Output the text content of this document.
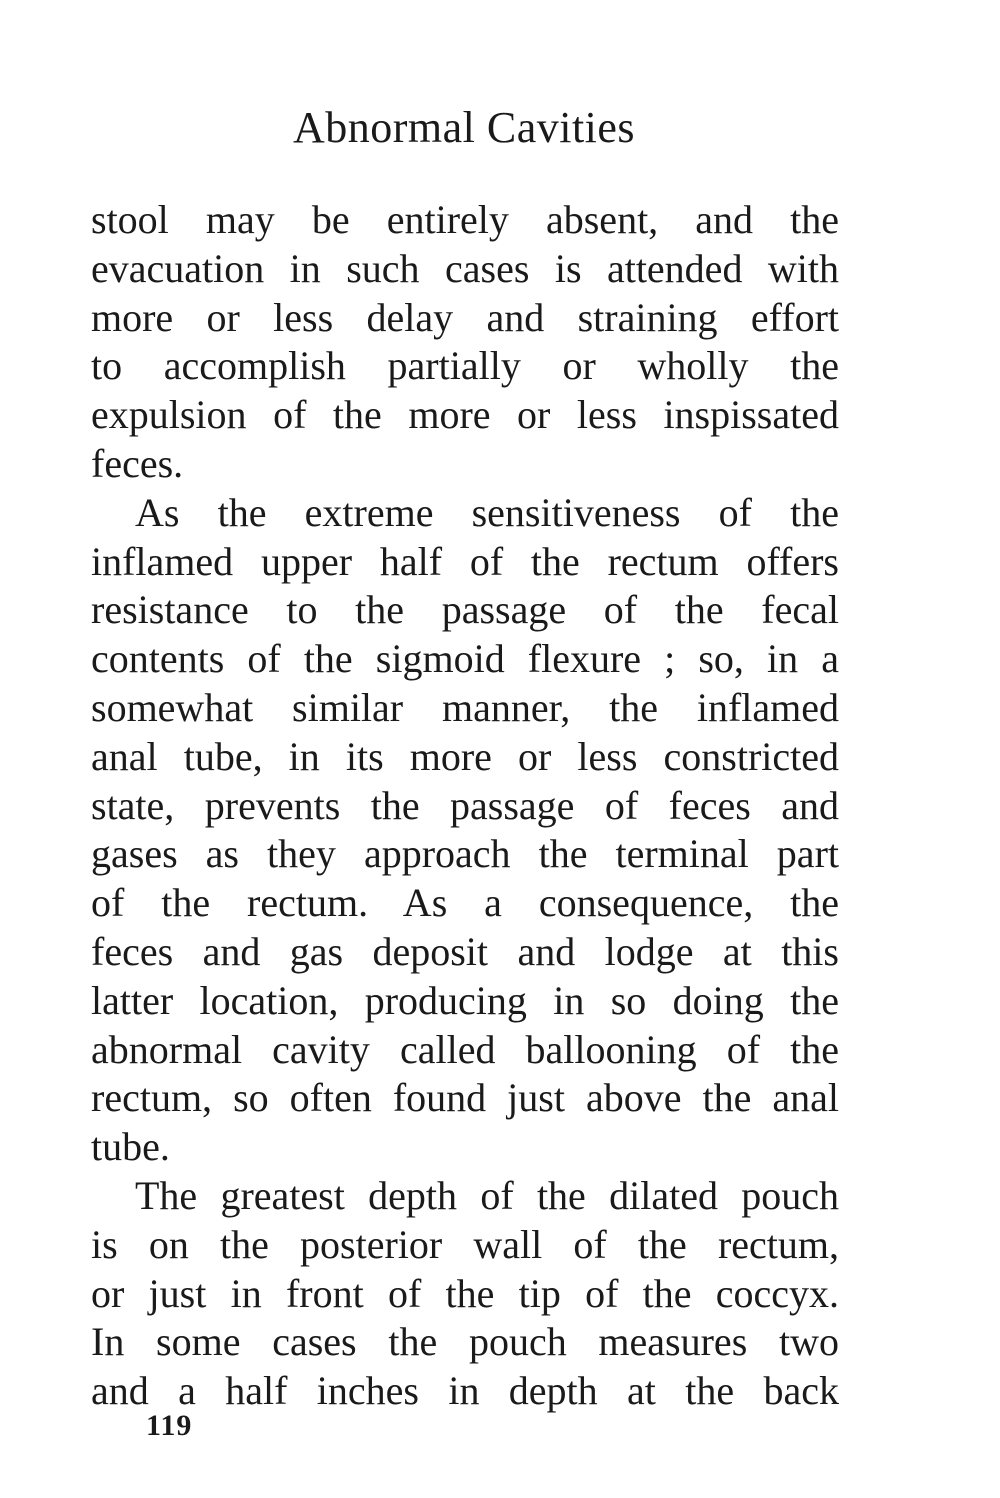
Abnormal Cavities
stool may be entirely absent, and the
evacuation in such cases is attended with
more or less delay and straining effort
to accomplish partially or wholly the
expulsion of the more or less inspissated
feces.
As the extreme sensitiveness of the
inflamed upper half of the rectum offers
resistance to the passage of the fecal
contents of the sigmoid flexure ; so, in a
somewhat similar manner, the inflamed
anal tube, in its more or less constricted
state, prevents the passage of feces and
gases as they approach the terminal part
of the rectum. As a consequence, the
feces and gas deposit and lodge at this
latter location, producing in so doing the
abnormal cavity called ballooning of the
rectum, so often found just above the anal
tube.
The greatest depth of the dilated pouch
is on the posterior wall of the rectum,
or just in front of the tip of the coccyx.
In some cases the pouch measures two
and a half inches in depth at the back
119
